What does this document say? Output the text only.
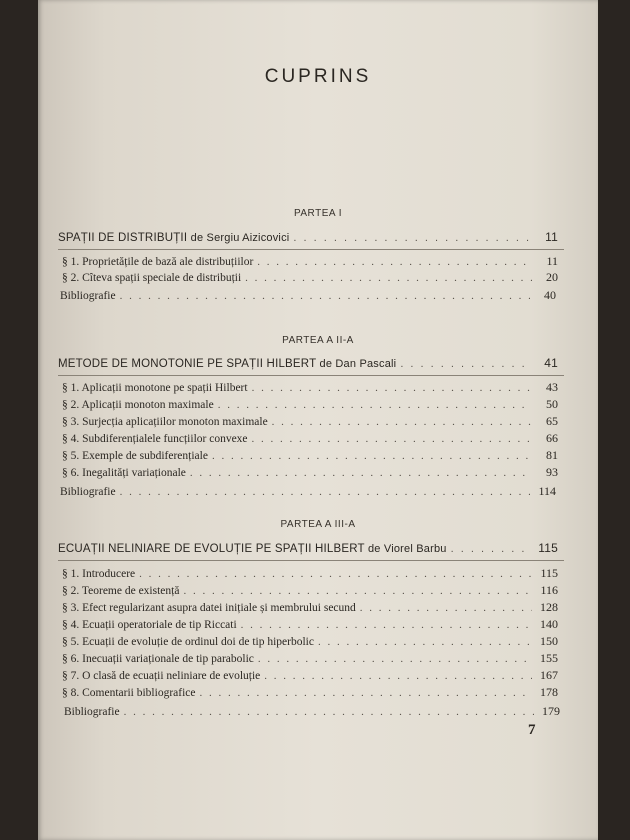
CUPRINS
PARTEA I
SPAȚII DE DISTRIBUȚII de Sergiu Aizicovici . . .	11
§ 1. Proprietățile de bază ale distribuțiilor . . .	11
§ 2. Cîteva spații speciale de distribuții . . .	20
Bibliografie . . .	40
PARTEA A II-A
METODE DE MONOTONIE PE SPAȚII HILBERT de Dan Pascali . . .	41
§ 1. Aplicații monotone pe spații Hilbert . . .	43
§ 2. Aplicații monoton maximale . . .	50
§ 3. Surjecția aplicațiilor monoton maximale . . .	65
§ 4. Subdiferențialele funcțiilor convexe . . .	66
§ 5. Exemple de subdiferențiale . . .	81
§ 6. Inegalități variaționale . . .	93
Bibliografie . . .	114
PARTEA A III-A
ECUAȚII NELINIARE DE EVOLUȚIE PE SPAȚII HILBERT de Viorel Barbu . . .	115
§ 1. Introducere . . .	115
§ 2. Teoreme de existență . . .	116
§ 3. Efect regularizant asupra datei inițiale și membrului secund . . .	128
§ 4. Ecuații operatoriale de tip Riccati . . .	140
§ 5. Ecuații de evoluție de ordinul doi de tip hiperbolic . . .	150
§ 6. Inecuații variaționale de tip parabolic . . .	155
§ 7. O clasă de ecuații neliniare de evoluție . . .	167
§ 8. Comentarii bibliografice . . .	178
Bibliografie . . .	179
7
